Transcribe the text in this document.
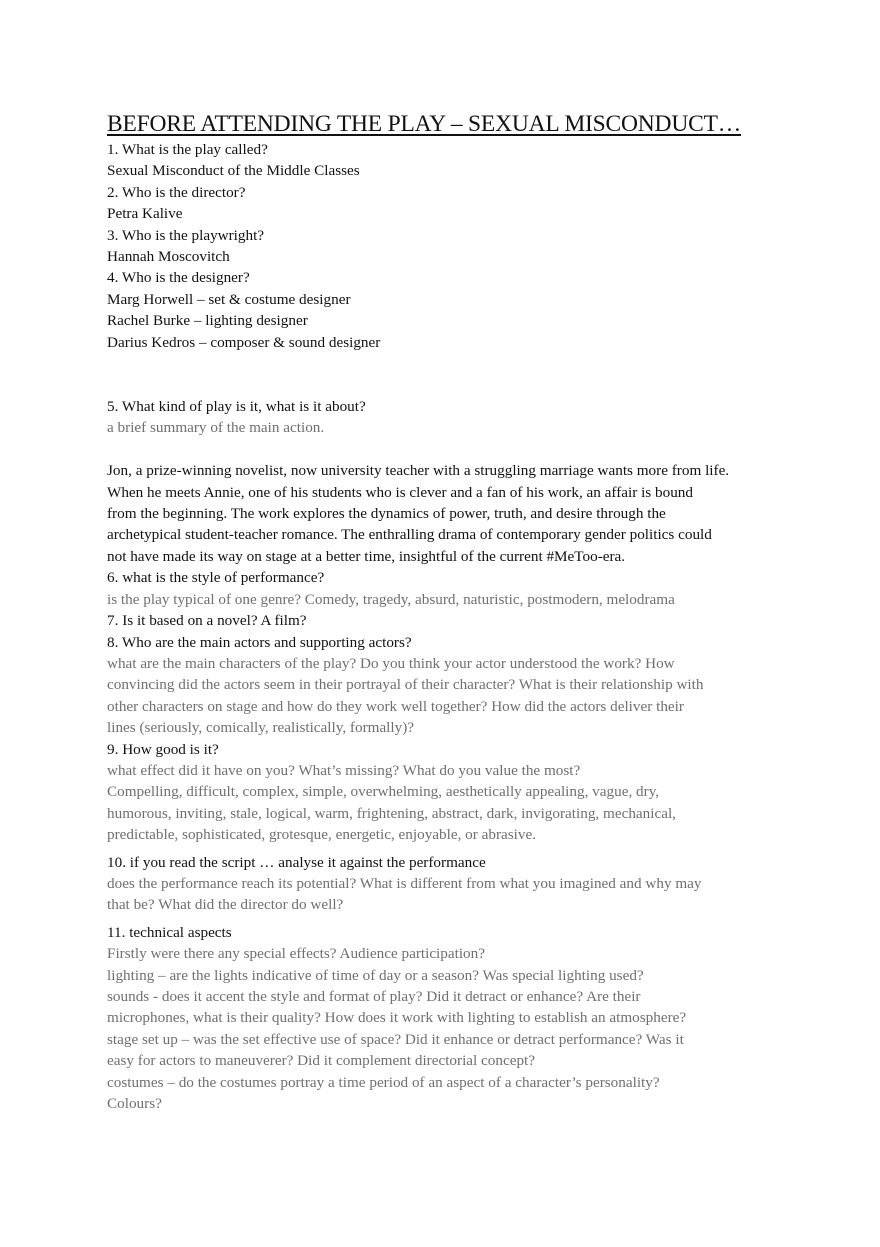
BEFORE ATTENDING THE PLAY – SEXUAL MISCONDUCT…

1. What is the play called?

Sexual Misconduct of the Middle Classes

2. Who is the director?

Petra Kalive

3. Who is the playwright?

Hannah Moscovitch

4. Who is the designer?

Marg Horwell – set & costume designer

Rachel Burke – lighting designer

Darius Kedros – composer & sound designer

5. What kind of play is it, what is it about?

a brief summary of the main action.

Jon, a prize-winning novelist, now university teacher with a struggling marriage wants more from life.

When he meets Annie, one of his students who is clever and a fan of his work, an affair is bound

from the beginning. The work explores the dynamics of power, truth, and desire through the

archetypical student-teacher romance. The enthralling drama of contemporary gender politics could

not have made its way on stage at a better time, insightful of the current #MeToo-era.

6. what is the style of performance?

is the play typical of one genre? Comedy, tragedy, absurd, naturistic, postmodern, melodrama

7. Is it based on a novel? A film?

8. Who are the main actors and supporting actors?

what are the main characters of the play? Do you think your actor understood the work? How

convincing did the actors seem in their portrayal of their character? What is their relationship with

other characters on stage and how do they work well together? How did the actors deliver their

lines (seriously, comically, realistically, formally)?

9. How good is it?

what effect did it have on you? What’s missing? What do you value the most?

Compelling, difficult, complex, simple, overwhelming, aesthetically appealing, vague, dry,

humorous, inviting, stale, logical, warm, frightening, abstract, dark, invigorating, mechanical,

predictable, sophisticated, grotesque, energetic, enjoyable, or abrasive.

10. if you read the script … analyse it against the performance

does the performance reach its potential? What is different from what you imagined and why may

that be? What did the director do well?

11. technical aspects

Firstly were there any special effects? Audience participation?

lighting – are the lights indicative of time of day or a season? Was special lighting used?

sounds - does it accent the style and format of play? Did it detract or enhance? Are their

microphones, what is their quality? How does it work with lighting to establish an atmosphere?

stage set up – was the set effective use of space? Did it enhance or detract performance? Was it

easy for actors to maneuverer? Did it complement directorial concept?

costumes – do the costumes portray a time period of an aspect of a character’s personality?

Colours?
